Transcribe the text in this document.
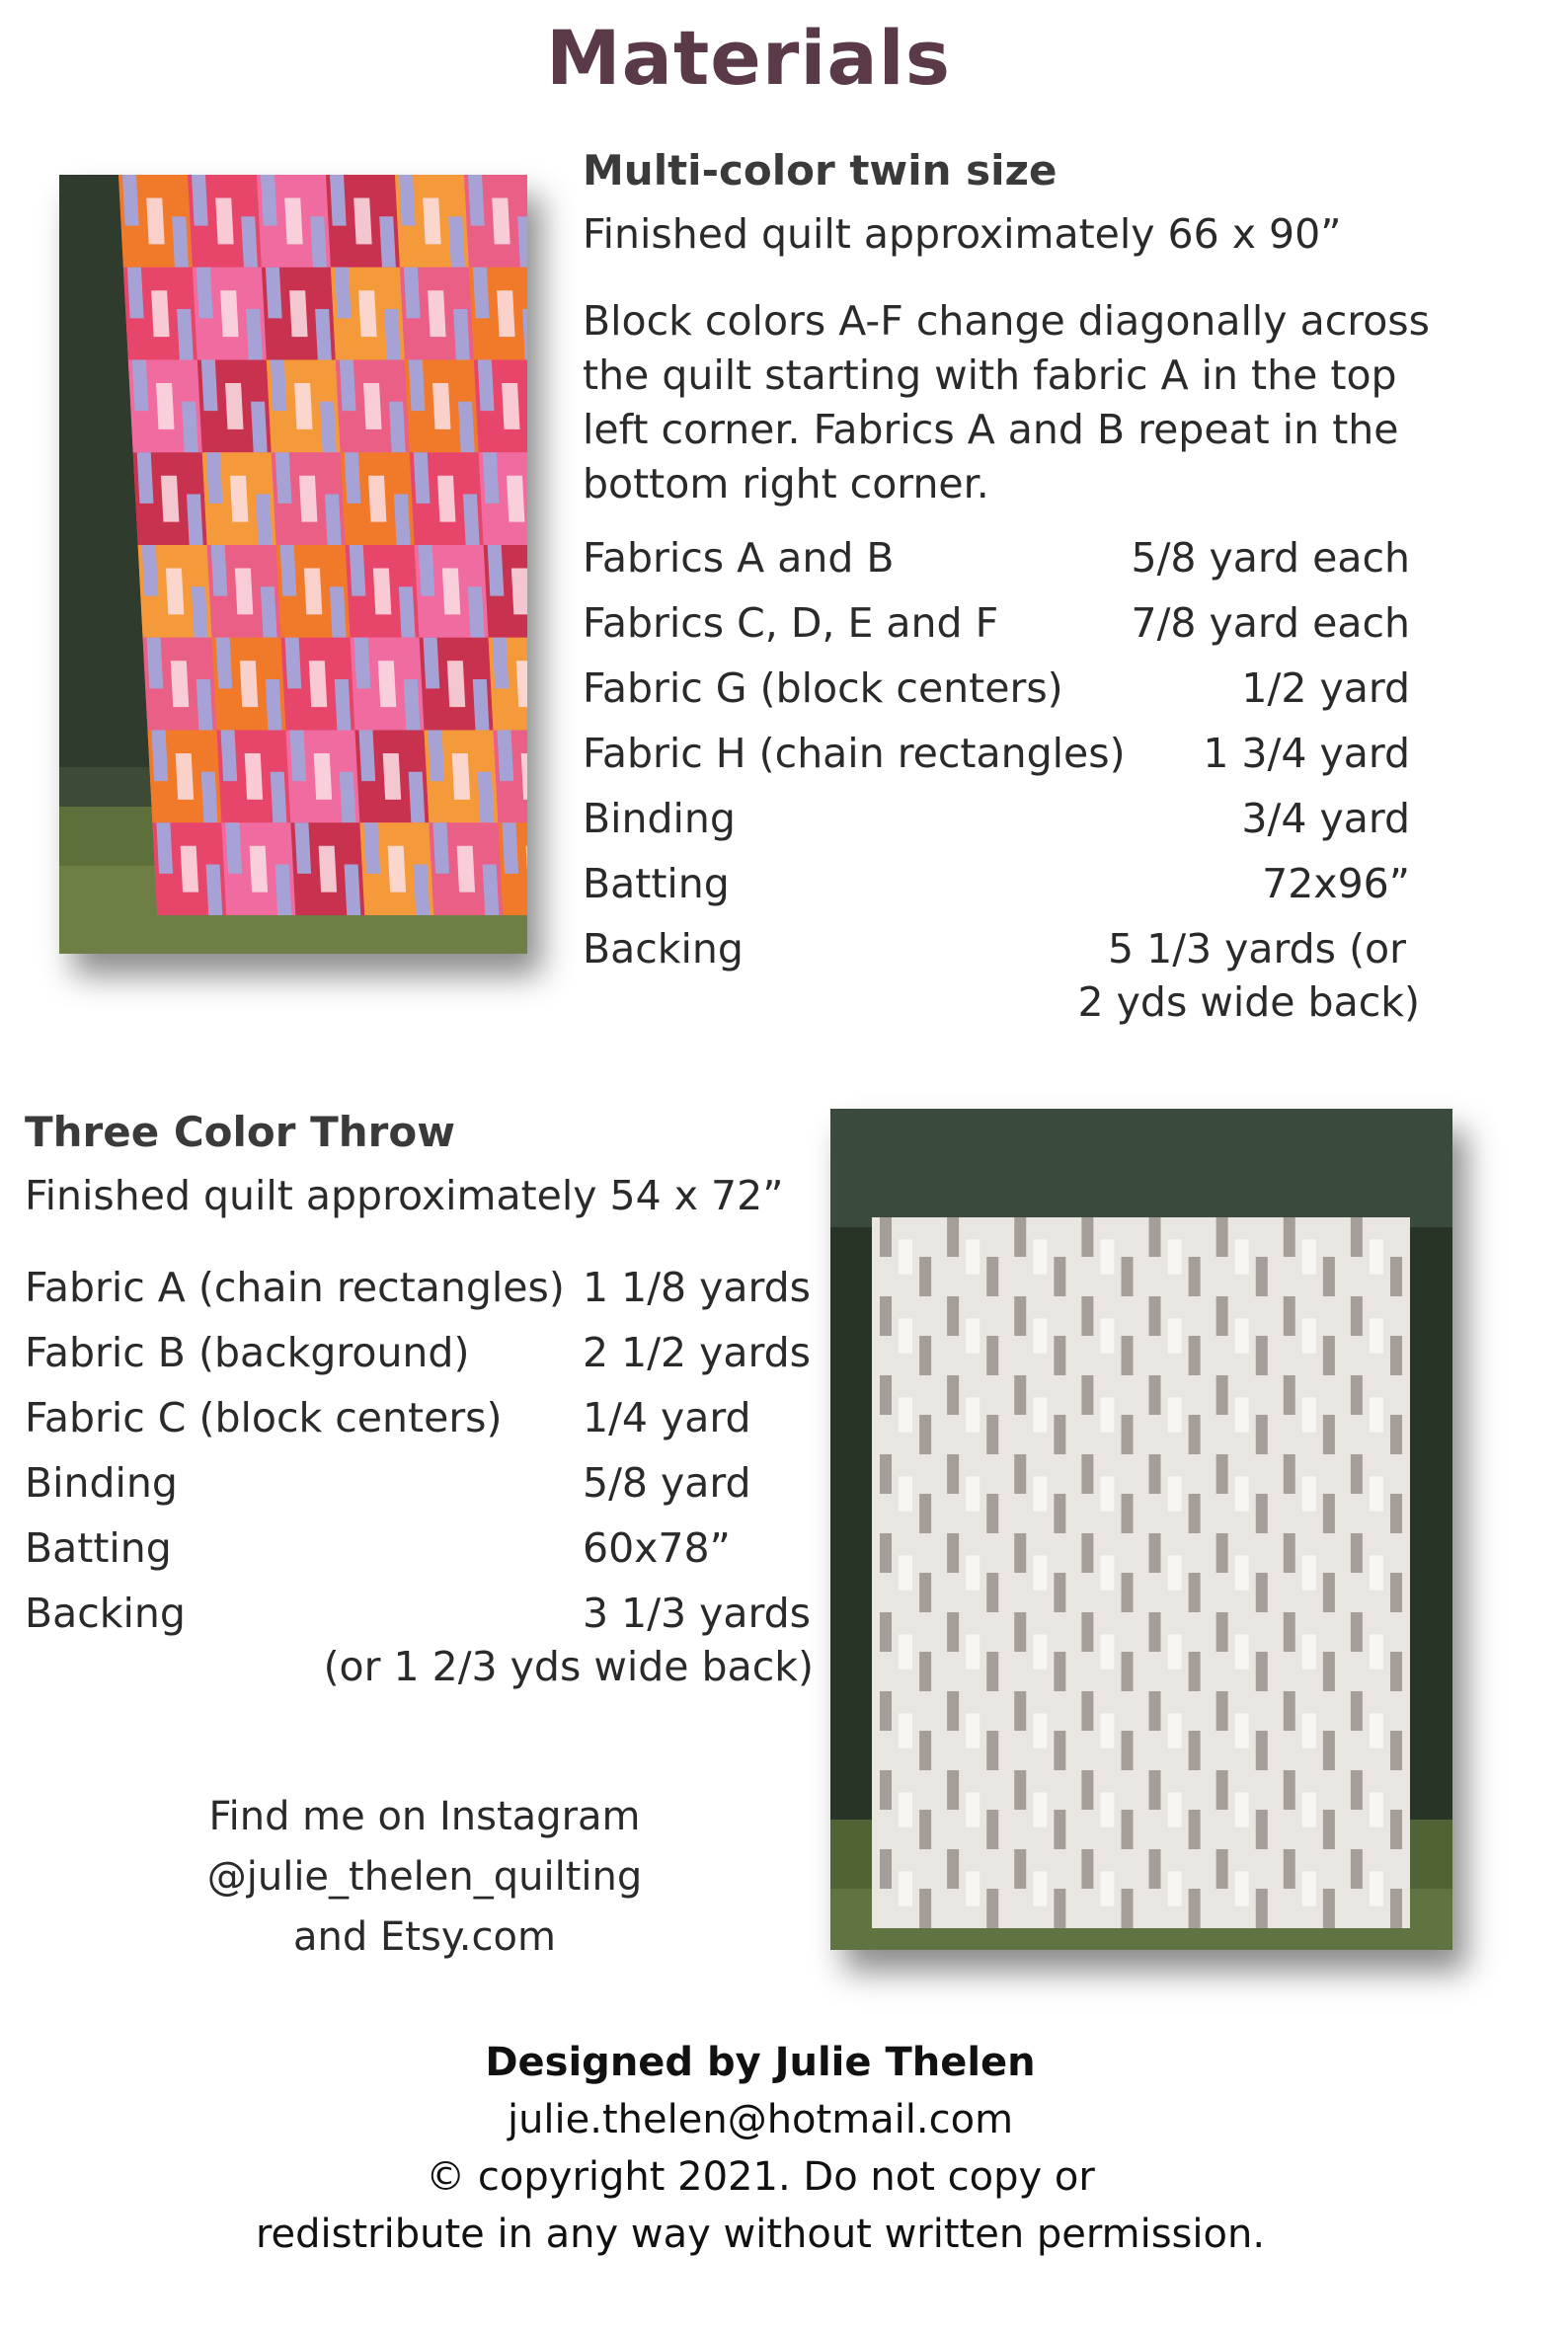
Materials
Multi-color twin size
Finished quilt approximately 66 x 90”
Block colors A-F change diagonally across the quilt starting with fabric A in the top left corner. Fabrics A and B repeat in the bottom right corner.
Fabrics A and B	5/8 yard each
Fabrics C, D, E and F	7/8 yard each
Fabric G (block centers)	1/2 yard
Fabric H (chain rectangles)	1 3/4 yard
Binding	3/4 yard
Batting	72x96”
Backing	5 1/3 yards (or
2 yds wide back)
Three Color Throw
Finished quilt approximately 54 x 72”
Fabric A (chain rectangles) 1 1/8 yards
Fabric B (background)	2 1/2 yards
Fabric C (block centers) 1/4 yard
Binding	5/8 yard
Batting	60x78”
Backing	3 1/3 yards
(or 1 2/3 yds wide back)
Find me on Instagram
@julie_thelen_quilting
and Etsy.com
Designed by Julie Thelen
julie.thelen@hotmail.com
© copyright 2021. Do not copy or
redistribute in any way without written permission.
